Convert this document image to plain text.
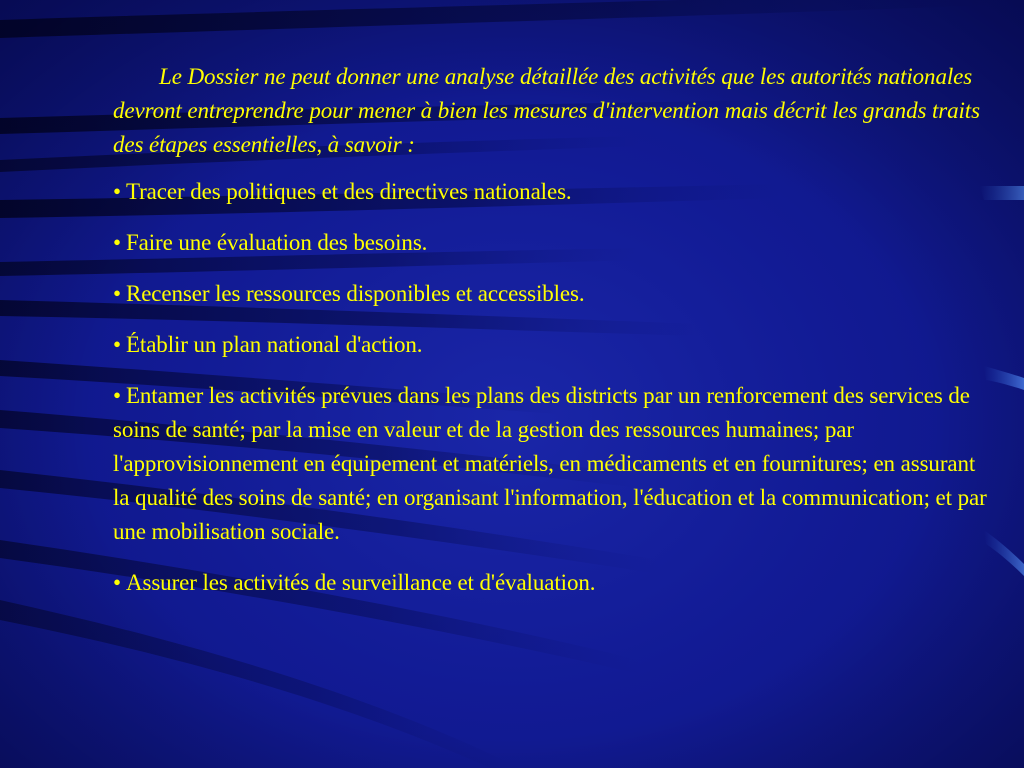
Le Dossier ne peut donner une analyse détaillée des activités que les autorités nationales devront entreprendre pour mener à bien les mesures d'intervention mais décrit les grands traits des étapes essentielles, à savoir :

• Tracer des politiques et des directives nationales.
• Faire une évaluation des besoins.
• Recenser les ressources disponibles et accessibles.
• Établir un plan national d'action.
• Entamer les activités prévues dans les plans des districts par un renforcement des services de soins de santé; par la mise en valeur et de la gestion des ressources humaines; par l'approvisionnement en équipement et matériels, en médicaments et en fournitures; en assurant la qualité des soins de santé; en organisant l'information, l'éducation et la communication; et par une mobilisation sociale.
• Assurer les activités de surveillance et d'évaluation.
